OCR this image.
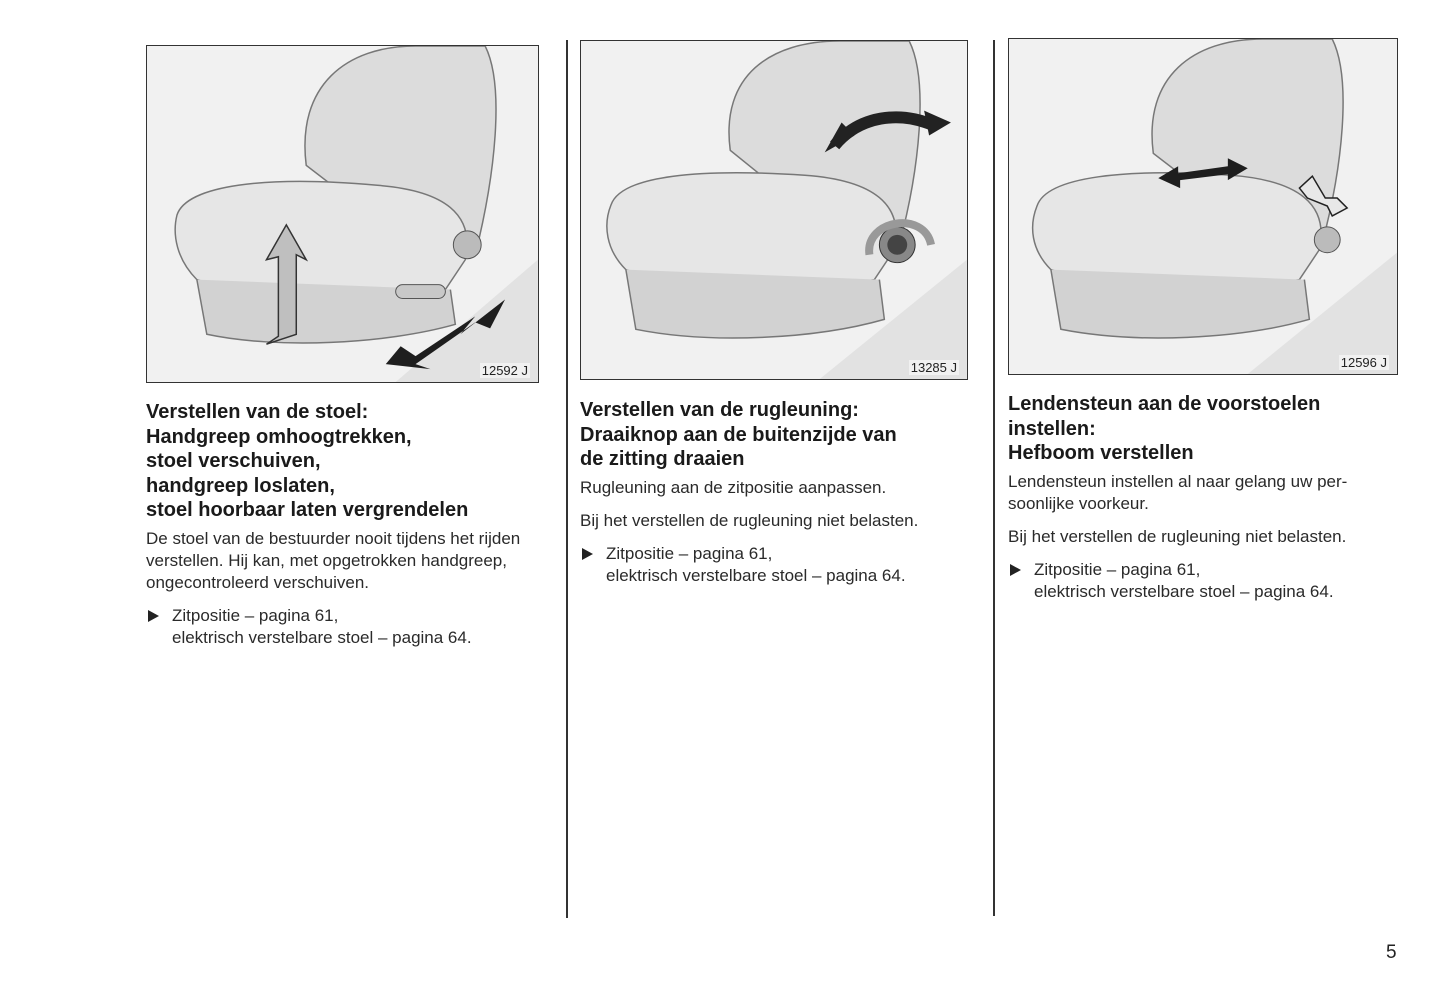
12592 J
Verstellen van de stoel:
Handgreep omhoogtrekken,
stoel verschuiven,
handgreep loslaten,
stoel hoorbaar laten vergrendelen

De stoel van de bestuurder nooit tijdens het rijden verstellen. Hij kan, met opgetrokken handgreep, ongecontroleerd verschuiven.

Zitpositie – pagina 61,
elektrisch verstelbare stoel – pagina 64.
13285 J
Verstellen van de rugleuning:
Draaiknop aan de buitenzijde van
de zitting draaien

Rugleuning aan de zitpositie aanpassen.

Bij het verstellen de rugleuning niet belasten.

Zitpositie – pagina 61,
elektrisch verstelbare stoel – pagina 64.
12596 J
Lendensteun aan de voorstoelen
instellen:
Hefboom verstellen

Lendensteun instellen al naar gelang uw per-soonlijke voorkeur.

Bij het verstellen de rugleuning niet belasten.

Zitpositie – pagina 61,
elektrisch verstelbare stoel – pagina 64.
5
